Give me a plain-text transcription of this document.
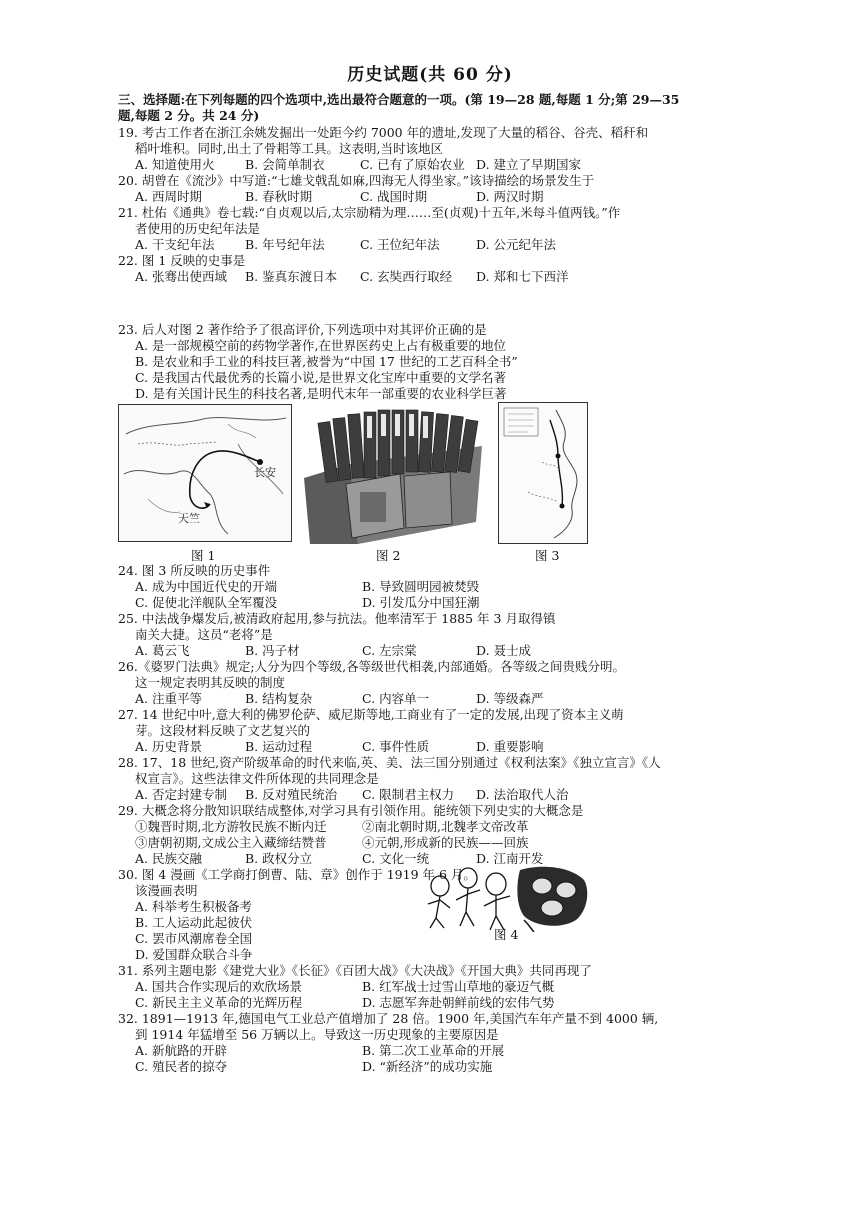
历史试题(共 60 分)
三、选择题:在下列每题的四个选项中,选出最符合题意的一项。(第 19—28 题,每题 1 分;第 29—35
题,每题 2 分。共 24 分)
19. 考古工作者在浙江余姚发掘出一处距今约 7000 年的遗址,发现了大量的稻谷、谷壳、稻秆和
稻叶堆积。同时,出土了骨耜等工具。这表明,当时该地区
A. 知道使用火 B. 会简单制衣	C. 已有了原始农业 D. 建立了早期国家
20. 胡曾在《流沙》中写道:“七雄戈戟乱如麻,四海无人得坐家。”该诗描绘的场景发生于
A. 西周时期	B. 春秋时期	C. 战国时期	D. 两汉时期
21. 杜佑《通典》卷七载:“自贞观以后,太宗励精为理……至(贞观)十五年,米每斗值两钱。”作
者使用的历史纪年法是
A. 干支纪年法 B. 年号纪年法	C. 王位纪年法	D. 公元纪年法
22. 图 1 反映的史事是
A. 张骞出使西域 B. 鉴真东渡日本 C. 玄奘西行取经 D. 郑和七下西洋
23. 后人对图 2 著作给予了很高评价,下列选项中对其评价正确的是
A. 是一部规模空前的药物学著作,在世界医药史上占有极重要的地位
B. 是农业和手工业的科技巨著,被誉为“中国 17 世纪的工艺百科全书”
C. 是我国古代最优秀的长篇小说,是世界文化宝库中重要的文学名著
D. 是有关国计民生的科技名著,是明代末年一部重要的农业科学巨著
长安
天竺
图 1	图 2	图 3
24. 图 3 所反映的历史事件
A. 成为中国近代史的开端	B. 导致圆明园被焚毁
C. 促使北洋舰队全军覆没	D. 引发瓜分中国狂潮
25. 中法战争爆发后,被清政府起用,参与抗法。他率清军于 1885 年 3 月取得镇
南关大捷。这员“老将”是
A. 葛云飞	B. 冯子材	C. 左宗棠	D. 聂士成
26.《婆罗门法典》规定;人分为四个等级,各等级世代相袭,内部通婚。各等级之间贵贱分明。
这一规定表明其反映的制度
A. 注重平等	B. 结构复杂	C. 内容单一	D. 等级森严
27. 14 世纪中叶,意大利的佛罗伦萨、威尼斯等地,工商业有了一定的发展,出现了资本主义萌
芽。这段材料反映了文艺复兴的
A. 历史背景	B. 运动过程	C. 事件性质	D. 重要影响
28. 17、18 世纪,资产阶级革命的时代来临,英、美、法三国分别通过《权利法案》《独立宣言》《人
权宣言》。这些法律文件所体现的共同理念是
A. 否定封建专制 B. 反对殖民统治 C. 限制君主权力 D. 法治取代人治
29. 大概念将分散知识联结成整体,对学习具有引领作用。能统领下列史实的大概念是
①魏晋时期,北方游牧民族不断内迁	②南北朝时期,北魏孝文帝改革
③唐朝初期,文成公主入藏缔结赞普	④元朝,形成新的民族——回族
A. 民族交融	B. 政权分立	C. 文化一统	D. 江南开发
30. 图 4 漫画《工学商打倒曹、陆、章》创作于 1919 年 6 月。
该漫画表明
A. 科举考生积极备考
B. 工人运动此起彼伏
C. 罢市风潮席卷全国
D. 爱国群众联合斗争
图 4
31. 系列主题电影《建党大业》《长征》《百团大战》《大决战》《开国大典》共同再现了
A. 国共合作实现后的欢欣场景	B. 红军战士过雪山草地的豪迈气概
C. 新民主主义革命的光辉历程	D. 志愿军奔赴朝鲜前线的宏伟气势
32. 1891—1913 年,德国电气工业总产值增加了 28 倍。1900 年,美国汽车年产量不到 4000 辆,
到 1914 年猛增至 56 万辆以上。导致这一历史现象的主要原因是
A. 新航路的开辟	B. 第二次工业革命的开展
C. 殖民者的掠夺	D. “新经济”的成功实施
